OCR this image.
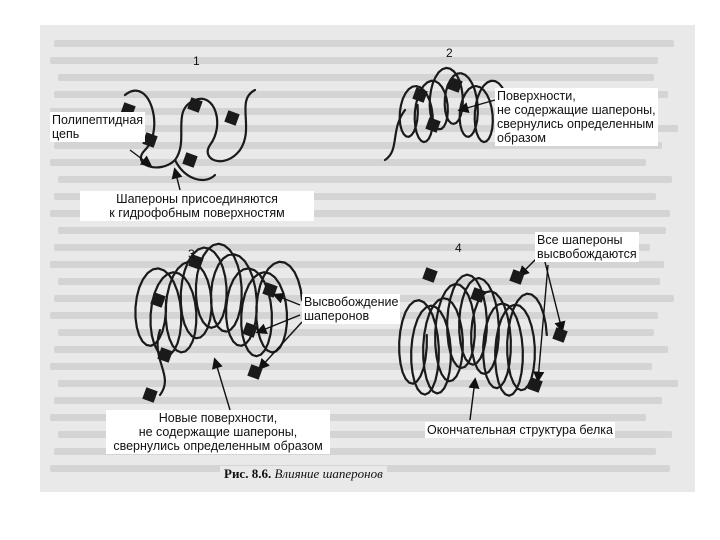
1
2
3	4
Полипептидная
цепь
Шапероны присоединяются
к гидрофобным поверхностям
Поверхности,
не содержащие шапероны,
свернулись определенным
образом
Высвобождение
шаперонов
Новые поверхности,
не содержащие шапероны,
свернулись определенным образом
Все шапероны
высвобождаются
Окончательная структура белка
Рис. 8.6. Влияние шаперонов
